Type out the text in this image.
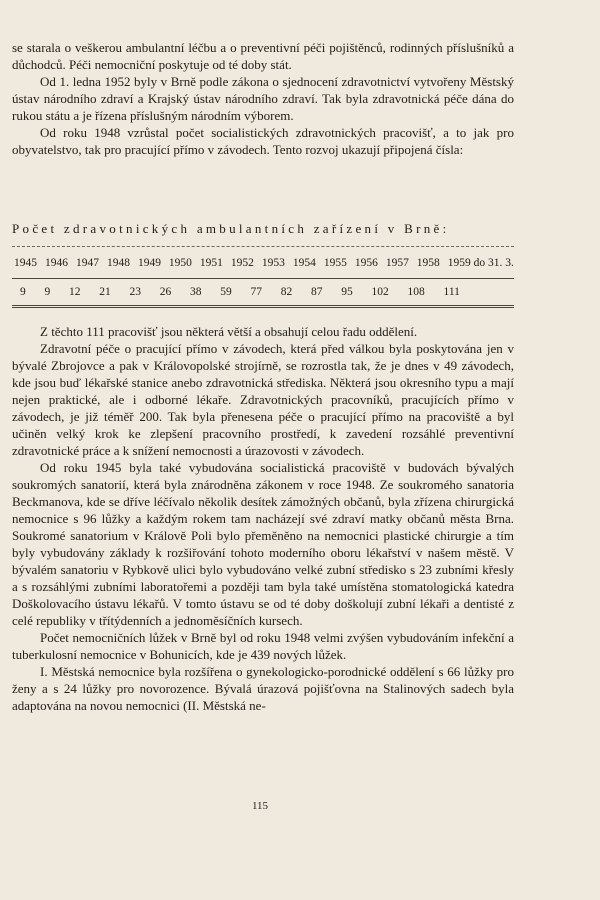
se starala o veškerou ambulantní léčbu a o preventivní péči pojištěnců, rodinných příslušníků a důchodců. Péči nemocniční poskytuje od té doby stát.

Od 1. ledna 1952 byly v Brně podle zákona o sjednocení zdravotnictví vytvořeny Městský ústav národního zdraví a Krajský ústav národního zdraví. Tak byla zdravotnická péče dána do rukou státu a je řízena příslušným národním výborem.

Od roku 1948 vzrůstal počet socialistických zdravotnických pracovišť, a to jak pro obyvatelstvo, tak pro pracující přímo v závodech. Tento rozvoj ukazují připojená čísla:

Počet zdravotnických ambulantních zařízení v Brně:
1945 1946 1947 1948 1949 1950 1951 1952 1953 1954 1955 1956 1957 1958 1959 do 31. 3.
9 9 12 21 23 26 38 59 77 82 87 95 102 108 111

Z těchto 111 pracovišť jsou některá větší a obsahují celou řadu oddělení.

Zdravotní péče o pracující přímo v závodech, která před válkou byla poskytována jen v bývalé Zbrojovce a pak v Královopolské strojírně, se rozrostla tak, že je dnes v 49 závodech, kde jsou buď lékařské stanice anebo zdravotnická střediska. Některá jsou okresního typu a mají nejen praktické, ale i odborné lékaře. Zdravotnických pracovníků, pracujících přímo v závodech, je již téměř 200. Tak byla přenesena péče o pracující přímo na pracoviště a byl učiněn velký krok ke zlepšení pracovního prostředí, k zavedení rozsáhlé preventivní zdravotnické práce a k snížení nemocnosti a úrazovosti v závodech.

Od roku 1945 byla také vybudována socialistická pracoviště v budovách bývalých soukromých sanatorií, která byla znárodněna zákonem v roce 1948. Ze soukromého sanatoria Beckmanova, kde se dříve léčívalo několik desítek zámožných občanů, byla zřízena chirurgická nemocnice s 96 lůžky a každým rokem tam nacházejí své zdraví matky občanů města Brna. Soukromé sanatorium v Králově Poli bylo přeměněno na nemocnici plastické chirurgie a tím byly vybudovány základy k rozšiřování tohoto moderního oboru lékařství v našem městě. V bývalém sanatoriu v Rybkově ulici bylo vybudováno velké zubní středisko s 23 zubními křesly a s rozsáhlými zubními laboratořemi a později tam byla také umístěna stomatologická katedra Doškolovacího ústavu lékařů. V tomto ústavu se od té doby doškolují zubní lékaři a dentisté z celé republiky v třítýdenních a jednoměsíčních kursech.

Počet nemocničních lůžek v Brně byl od roku 1948 velmi zvýšen vybudováním infekční a tuberkulosní nemocnice v Bohunicích, kde je 439 nových lůžek.

I. Městská nemocnice byla rozšířena o gynekologicko-porodnické oddělení s 66 lůžky pro ženy a s 24 lůžky pro novorozence. Bývalá úrazová pojišťovna na Stalinových sadech byla adaptována na novou nemocnici (II. Městská ne-

115
